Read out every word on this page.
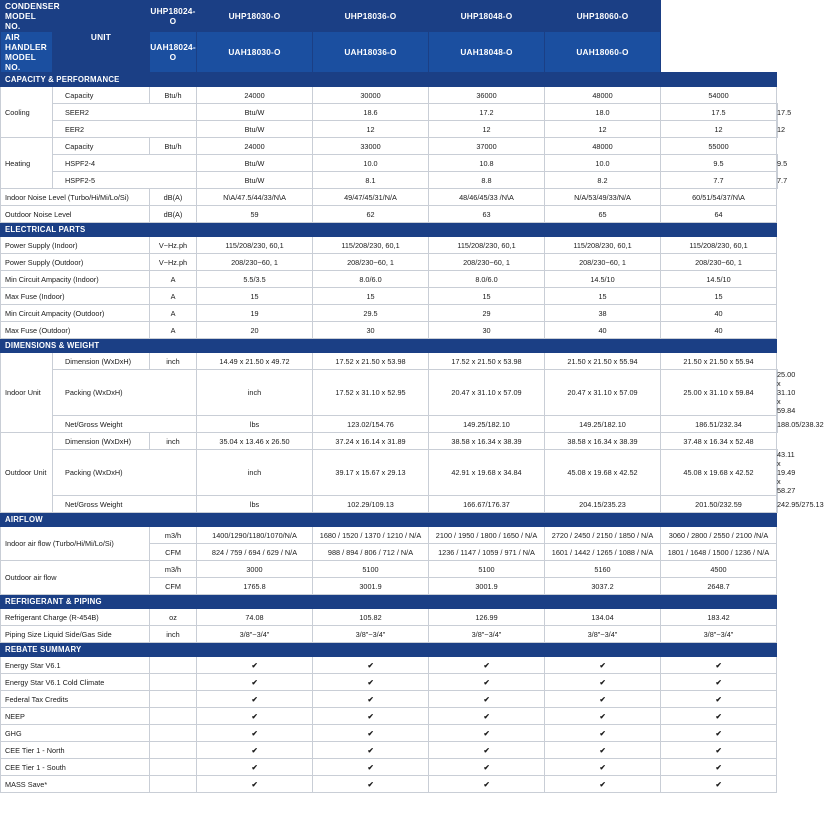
CONDENSER MODEL NO.	UNIT	UHP18024-O	UHP18030-O	UHP18036-O	UHP18048-O	UHP18060-O		
AIR HANDLER MODEL NO.		UAH18024-O	UAH18030-O	UAH18036-O	UAH18048-O	UAH18060-O		
CAPACITY & PERFORMANCE								
Cooling	Capacity	Btu/h	24000	30000	36000	48000	54000	
	SEER2		Btu/W	18.6	17.2	18.0	17.5	17.5
	EER2		Btu/W	12	12	12	12	12
Heating	Capacity	Btu/h	24000	33000	37000	48000	55000	
	HSPF2-4		Btu/W	10.0	10.8	10.0	9.5	9.5
	HSPF2-5		Btu/W	8.1	8.8	8.2	7.7	7.7
Indoor Noise Level (Turbo/Hi/Mi/Lo/Si)		dB(A)	N\A/47.5/44/33/N\A	49/47/45/31/N/A	48/46/45/33 /N\A	N/A/53/49/33/N/A	60/51/54/37/N\A	
Outdoor Noise Level		dB(A)	59	62	63	65	64	
ELECTRICAL PARTS								
Power Supply (Indoor)		V~Hz.ph	115/208/230, 60,1	115/208/230, 60,1	115/208/230, 60,1	115/208/230, 60,1	115/208/230, 60,1	
Power Supply (Outdoor)		V~Hz.ph	208/230~60, 1	208/230~60, 1	208/230~60, 1	208/230~60, 1	208/230~60, 1	
Min Circuit Ampacity (Indoor)		A	5.5/3.5	8.0/6.0	8.0/6.0	14.5/10	14.5/10	
Max Fuse (Indoor)		A	15	15	15	15	15	
Min Circuit Ampacity (Outdoor)		A	19	29.5	29	38	40	
Max Fuse (Outdoor)		A	20	30	30	40	40	
DIMENSIONS & WEIGHT								
Indoor Unit	Dimension (WxDxH)	inch	14.49 x 21.50 x 49.72	17.52 x 21.50 x 53.98	17.52 x 21.50 x 53.98	21.50 x 21.50 x 55.94	21.50 x 21.50 x 55.94	
	Packing (WxDxH)		inch	17.52 x 31.10 x 52.95	20.47 x 31.10 x 57.09	20.47 x 31.10 x 57.09	25.00 x 31.10 x 59.84	25.00 x 31.10 x 59.84
	Net/Gross Weight		lbs	123.02/154.76	149.25/182.10	149.25/182.10	186.51/232.34	188.05/238.32
Outdoor Unit	Dimension (WxDxH)	inch	35.04 x 13.46 x 26.50	37.24 x 16.14 x 31.89	38.58 x 16.34 x 38.39	38.58 x 16.34 x 38.39	37.48 x 16.34 x 52.48	
	Packing (WxDxH)		inch	39.17 x 15.67 x 29.13	42.91 x 19.68 x 34.84	45.08 x 19.68 x 42.52	45.08 x 19.68 x 42.52	43.11 x 19.49 x 58.27
	Net/Gross Weight		lbs	102.29/109.13	166.67/176.37	204.15/235.23	201.50/232.59	242.95/275.13
AIRFLOW								
Indoor air flow (Turbo/Hi/Mi/Lo/Si)		m3/h	1400/1290/1180/1070/N/A	1680 / 1520 / 1370 / 1210 / N/A	2100 / 1950 / 1800 / 1650 / N/A	2720 / 2450 / 2150 / 1850 / N/A	3060 / 2800 / 2550 / 2100 /N/A	
		CFM	824 / 759 / 694 / 629 / N/A	988 / 894 / 806 / 712 / N/A	1236 / 1147 / 1059 / 971 / N/A	1601 / 1442 / 1265 / 1088 / N/A	1801 / 1648 / 1500 / 1236 / N/A	
Outdoor air flow		m3/h	3000	5100	5100	5160	4500	
		CFM	1765.8	3001.9	3001.9	3037.2	2648.7	
REFRIGERANT & PIPING								
Refrigerant Charge (R-454B)		oz	74.08	105.82	126.99	134.04	183.42	
Piping Size Liquid Side/Gas Side		inch	3/8"~3/4"	3/8"~3/4"	3/8"~3/4"	3/8"~3/4"	3/8"~3/4"	
REBATE SUMMARY								
Energy Star V6.1			✔	✔	✔	✔	✔	
Energy Star V6.1 Cold Climate			✔	✔	✔	✔	✔	
Federal Tax Credits			✔	✔	✔	✔	✔	
NEEP			✔	✔	✔	✔	✔	
GHG			✔	✔	✔	✔	✔	
CEE Tier 1 - North			✔	✔	✔	✔	✔	
CEE Tier 1 - South			✔	✔	✔	✔	✔	
MASS Save*			✔	✔	✔	✔	✔	
